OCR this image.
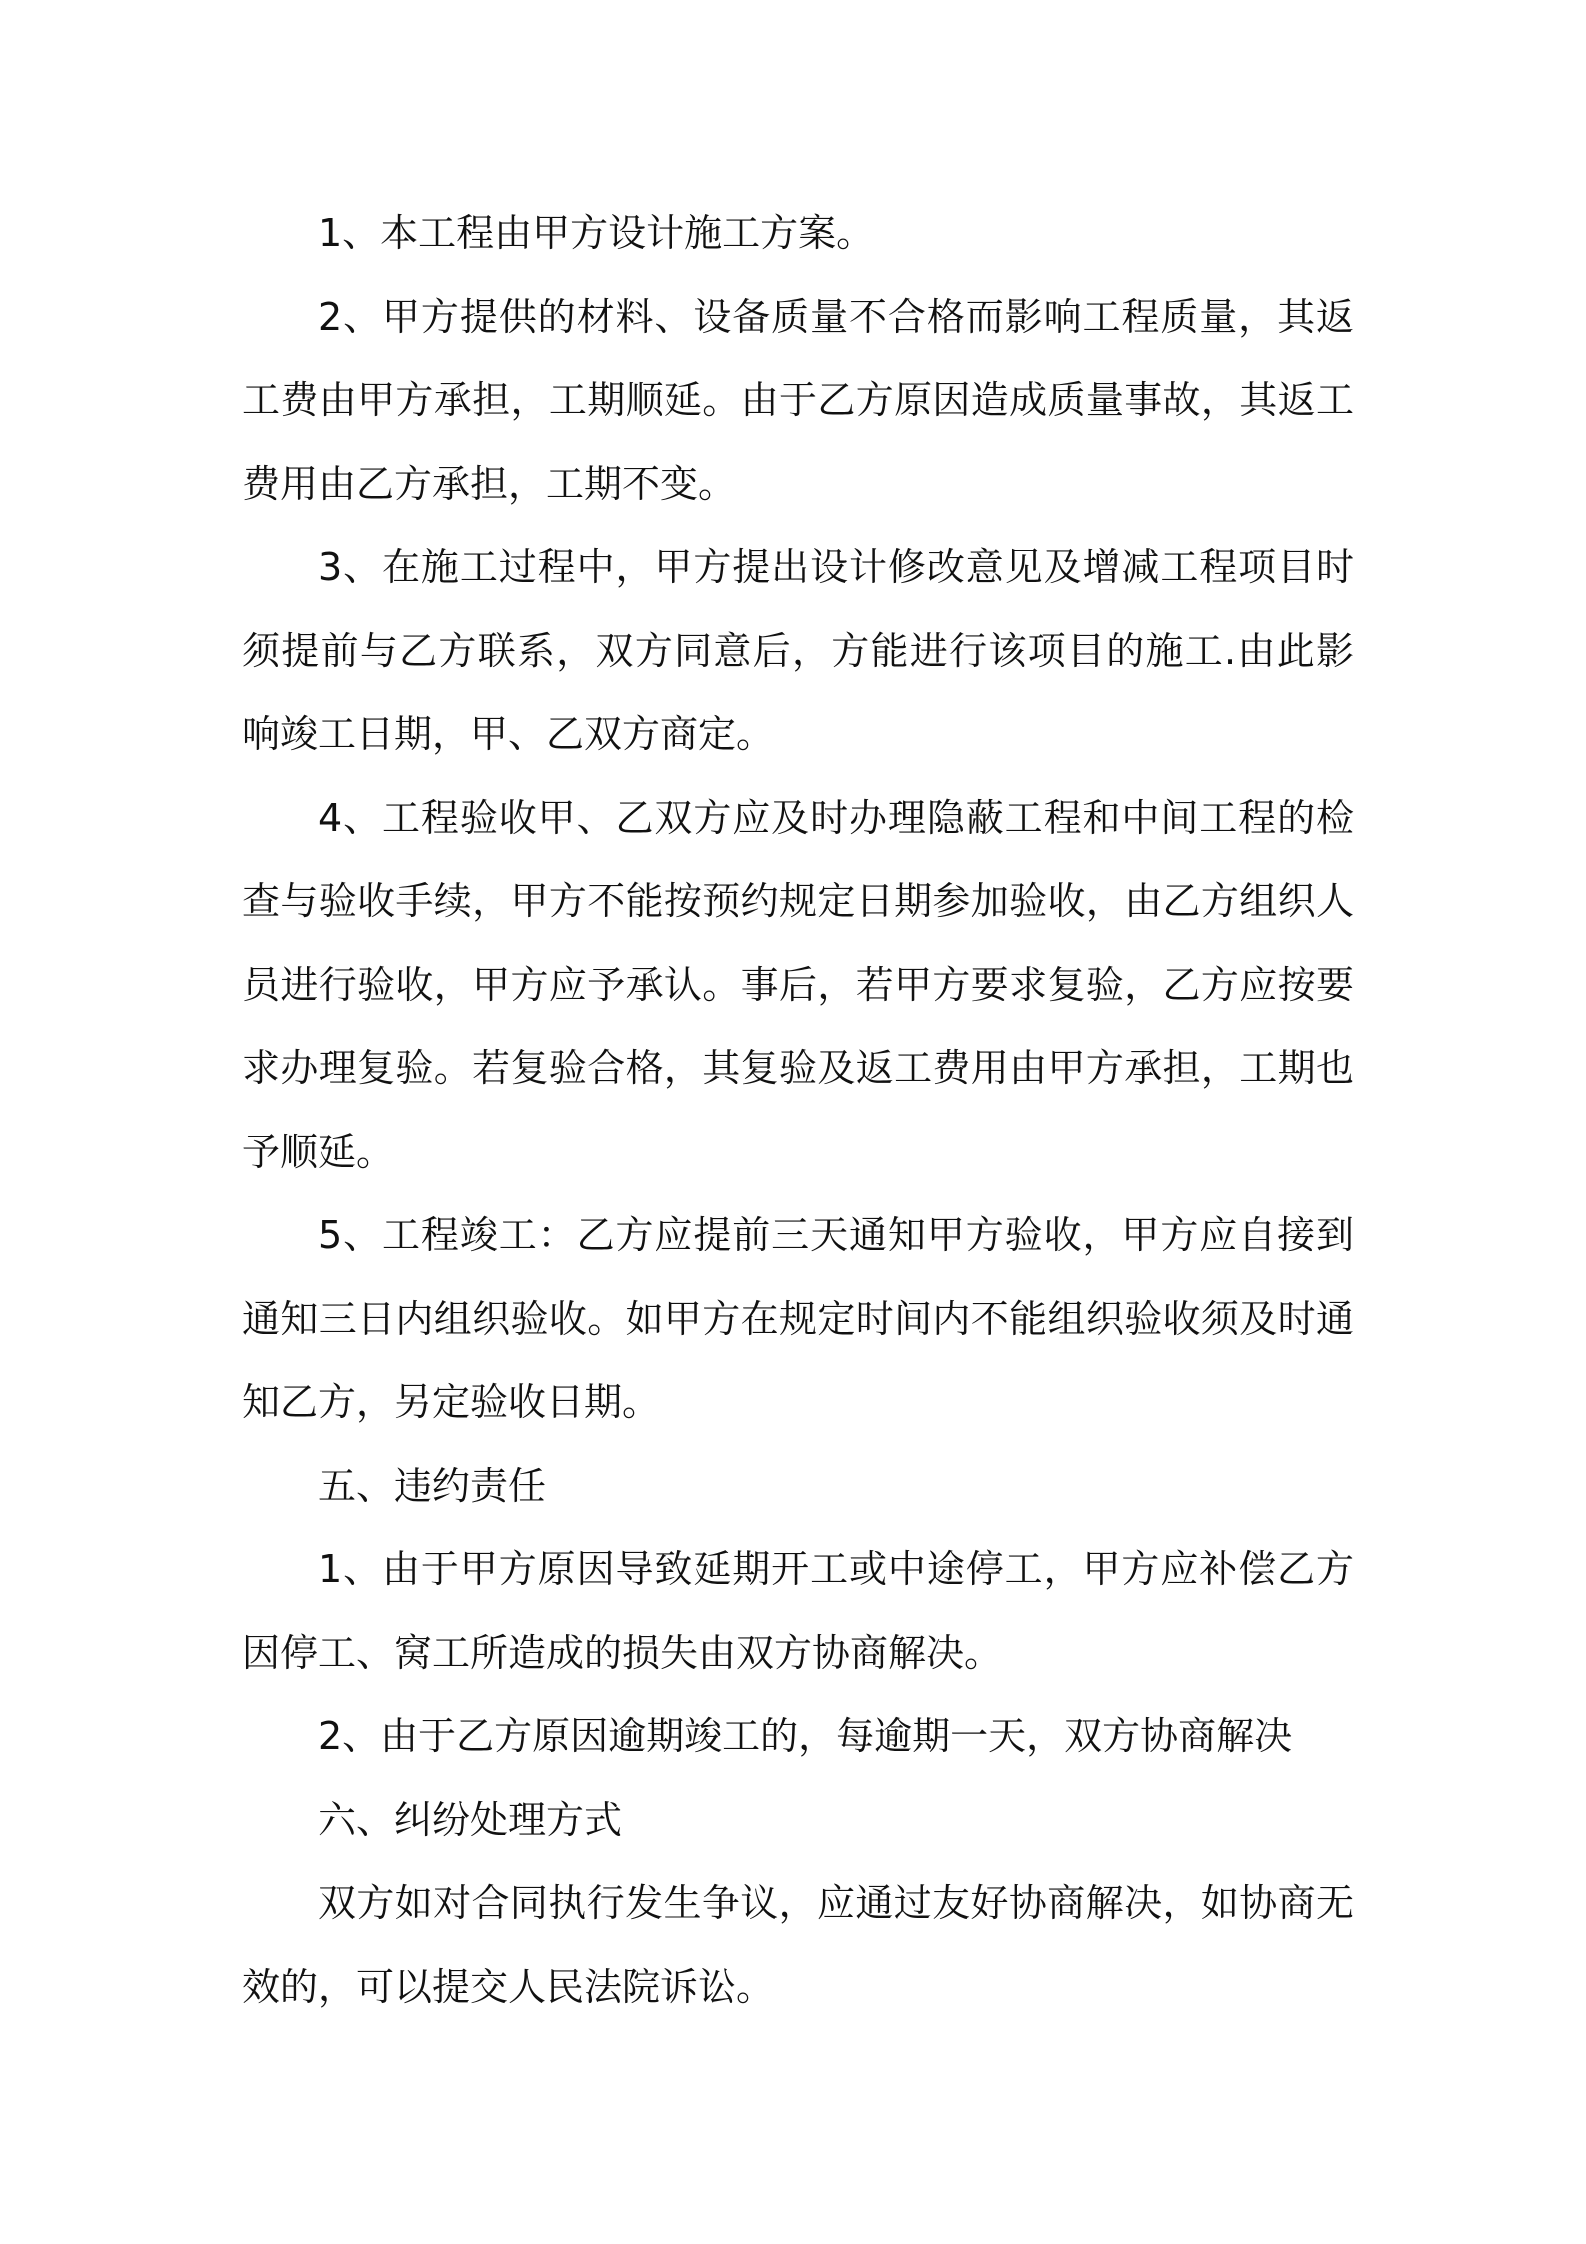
1、本工程由甲方设计施工方案。

2、甲方提供的材料、设备质量不合格而影响工程质量，其返工费由甲方承担，工期顺延。由于乙方原因造成质量事故，其返工费用由乙方承担，工期不变。

3、在施工过程中，甲方提出设计修改意见及增减工程项目时须提前与乙方联系，双方同意后，方能进行该项目的施工.由此影响竣工日期，甲、乙双方商定。

4、工程验收甲、乙双方应及时办理隐蔽工程和中间工程的检查与验收手续，甲方不能按预约规定日期参加验收，由乙方组织人员进行验收，甲方应予承认。事后，若甲方要求复验，乙方应按要求办理复验。若复验合格，其复验及返工费用由甲方承担，工期也予顺延。

5、工程竣工：乙方应提前三天通知甲方验收，甲方应自接到通知三日内组织验收。如甲方在规定时间内不能组织验收须及时通知乙方，另定验收日期。

五、违约责任

1、由于甲方原因导致延期开工或中途停工，甲方应补偿乙方因停工、窝工所造成的损失由双方协商解决。

2、由于乙方原因逾期竣工的，每逾期一天，双方协商解决

六、纠纷处理方式

双方如对合同执行发生争议，应通过友好协商解决，如协商无效的，可以提交人民法院诉讼。
